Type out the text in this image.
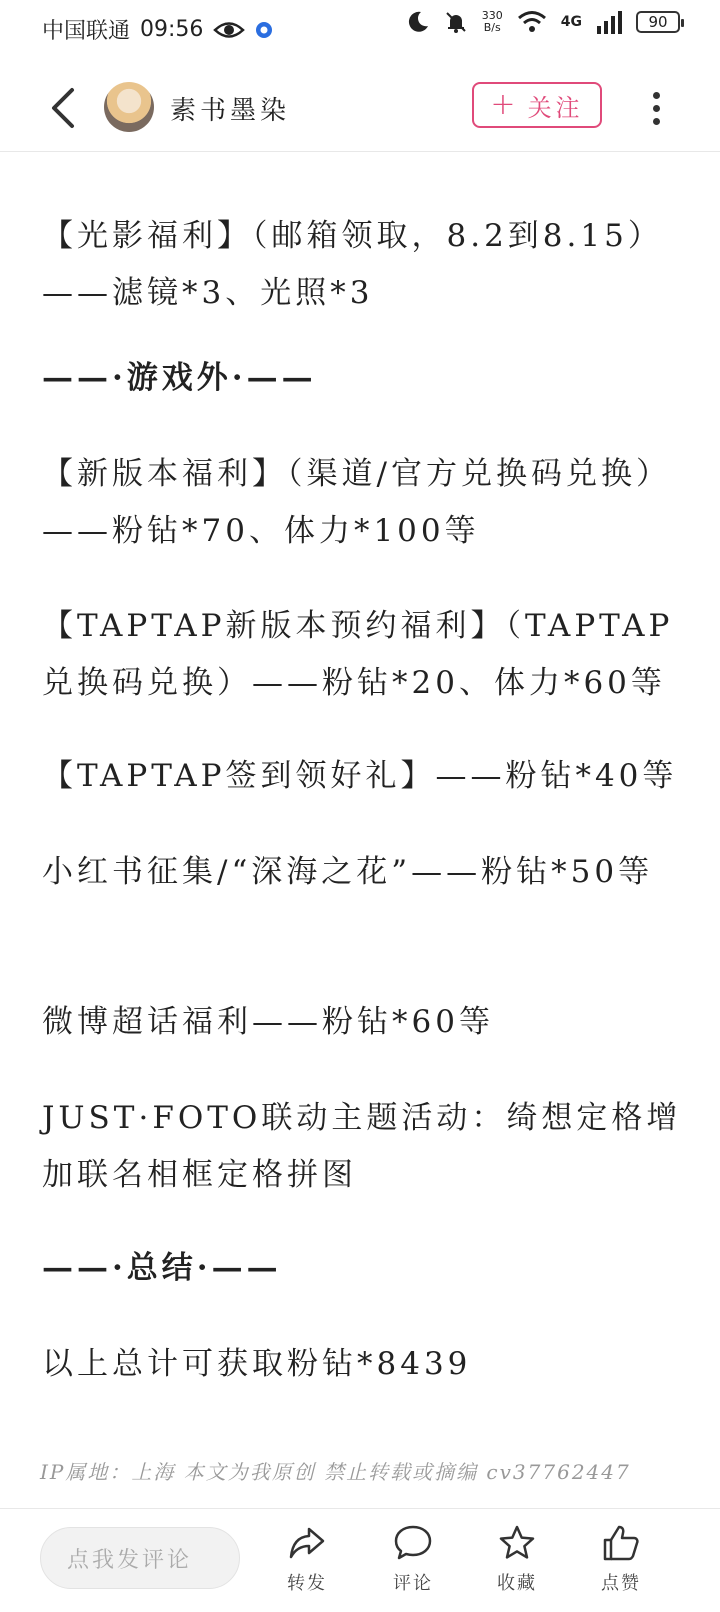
中国联通 09:56
330
B/s	4G	90
素书墨染	+ 关注

【光影福利】（邮箱领取，8.2到8.15）——滤镜*3、光照*3

——·游戏外·——

【新版本福利】（渠道/官方兑换码兑换）——粉钻*70、体力*100等

【TAPTAP新版本预约福利】（TAPTAP兑换码兑换）——粉钻*20、体力*60等

【TAPTAP签到领好礼】——粉钻*40等

小红书征集/“深海之花”——粉钻*50等

微博超话福利——粉钻*60等

JUST·FOTO联动主题活动：绮想定格增加联名相框定格拼图

——·总结·——

以上总计可获取粉钻*8439

IP属地：上海 本文为我原创 禁止转载或摘编 cv37762447
点我发评论
转发	评论	收藏	点赞
